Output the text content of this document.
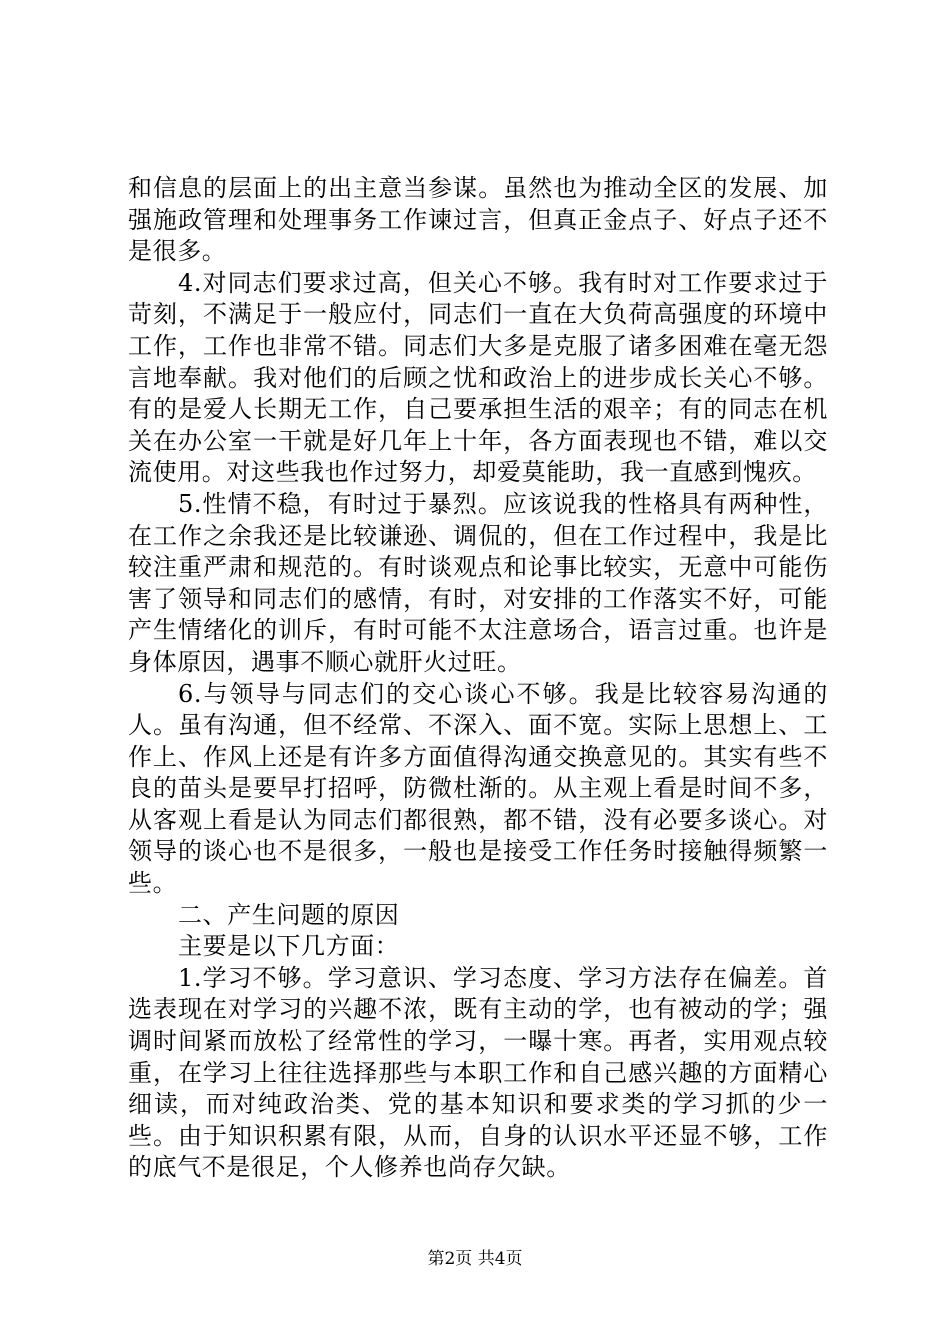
和信息的层面上的出主意当参谋。虽然也为推动全区的发展、加强施政管理和处理事务工作谏过言，但真正金点子、好点子还不是很多。

4.对同志们要求过高，但关心不够。我有时对工作要求过于苛刻，不满足于一般应付，同志们一直在大负荷高强度的环境中工作，工作也非常不错。同志们大多是克服了诸多困难在毫无怨言地奉献。我对他们的后顾之忧和政治上的进步成长关心不够。有的是爱人长期无工作，自己要承担生活的艰辛；有的同志在机关在办公室一干就是好几年上十年，各方面表现也不错，难以交流使用。对这些我也作过努力，却爱莫能助，我一直感到愧疚。

5.性情不稳，有时过于暴烈。应该说我的性格具有两种性，在工作之余我还是比较谦逊、调侃的，但在工作过程中，我是比较注重严肃和规范的。有时谈观点和论事比较实，无意中可能伤害了领导和同志们的感情，有时，对安排的工作落实不好，可能产生情绪化的训斥，有时可能不太注意场合，语言过重。也许是身体原因，遇事不顺心就肝火过旺。

6.与领导与同志们的交心谈心不够。我是比较容易沟通的人。虽有沟通，但不经常、不深入、面不宽。实际上思想上、工作上、作风上还是有许多方面值得沟通交换意见的。其实有些不良的苗头是要早打招呼，防微杜渐的。从主观上看是时间不多，从客观上看是认为同志们都很熟，都不错，没有必要多谈心。对领导的谈心也不是很多，一般也是接受工作任务时接触得频繁一些。

二、产生问题的原因

主要是以下几方面：

1.学习不够。学习意识、学习态度、学习方法存在偏差。首选表现在对学习的兴趣不浓，既有主动的学，也有被动的学；强调时间紧而放松了经常性的学习，一曝十寒。再者，实用观点较重，在学习上往往选择那些与本职工作和自己感兴趣的方面精心细读，而对纯政治类、党的基本知识和要求类的学习抓的少一些。由于知识积累有限，从而，自身的认识水平还显不够，工作的底气不是很足，个人修养也尚存欠缺。

第2页 共4页
